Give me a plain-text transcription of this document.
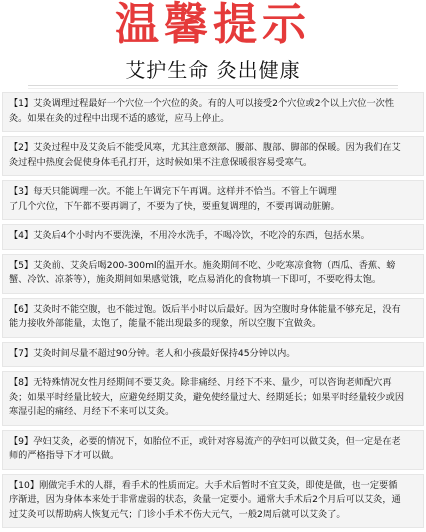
温馨提示
艾护生命 灸出健康
【1】艾灸调理过程最好一个穴位一个穴位的灸。有的人可以接受2个穴位或2个以上穴位一次性
灸。如果在灸的过程中出现不适的感觉，应马上停止。
【2】艾灸过程中及艾灸后不能受风寒，尤其注意颈部、腰部、腹部、脚部的保暖。因为我们在艾
灸过程中热度会促使身体毛孔打开，这时候如果不注意保暖很容易受寒气。
【3】每天只能调理一次。不能上午调完下午再调。这样并不恰当。不管上午调理
了几个穴位，下午都不要再调了，不要为了快，要重复调理的，不要再调动脏腑。
【4】艾灸后4个小时内不要洗澡，不用冷水洗手，不喝冷饮，不吃冷的东西，包括水果。
【5】艾灸前、艾灸后喝200-300ml的温开水。施灸期间不吃、少吃寒凉食物（西瓜、香蕉、螃
蟹、冷饮、凉茶等），施灸期间如果感觉饿，吃点易消化的食物填一下即可，不要吃得太饱。
【6】艾灸时不能空腹，也不能过饱。饭后半小时以后最好。因为空腹时身体能量不够充足，没有
能力接收外部能量，太饱了，能量不能出现最多的现象，所以空腹下宜做灸。
【7】艾灸时间尽量不超过90分钟。老人和小孩最好保持45分钟以内。
【8】无特殊情况女性月经期间不要艾灸。除非痛经、月经下不来、量少，可以咨询老师配穴再
灸；如果平时经量比较大，应避免经期艾灸，避免使经量过大、经期延长；如果平时经量较少或因
寒湿引起的痛经、月经下不来可以艾灸。
【9】孕妇艾灸，必要的情况下，如胎位不正，或针对容易流产的孕妇可以做艾灸，但一定是在老
师的严格指导下才可以做。
【10】刚做完手术的人群，看手术的性质而定。大手术后暂时不宜艾灸，即使是做，也一定要循
序渐进，因为身体本来处于非常虚弱的状态，灸量一定要小。通常大手术后2个月后可以艾灸，通
过艾灸可以帮助病人恢复元气；门诊小手术不伤大元气，一般2周后就可以艾灸了。
